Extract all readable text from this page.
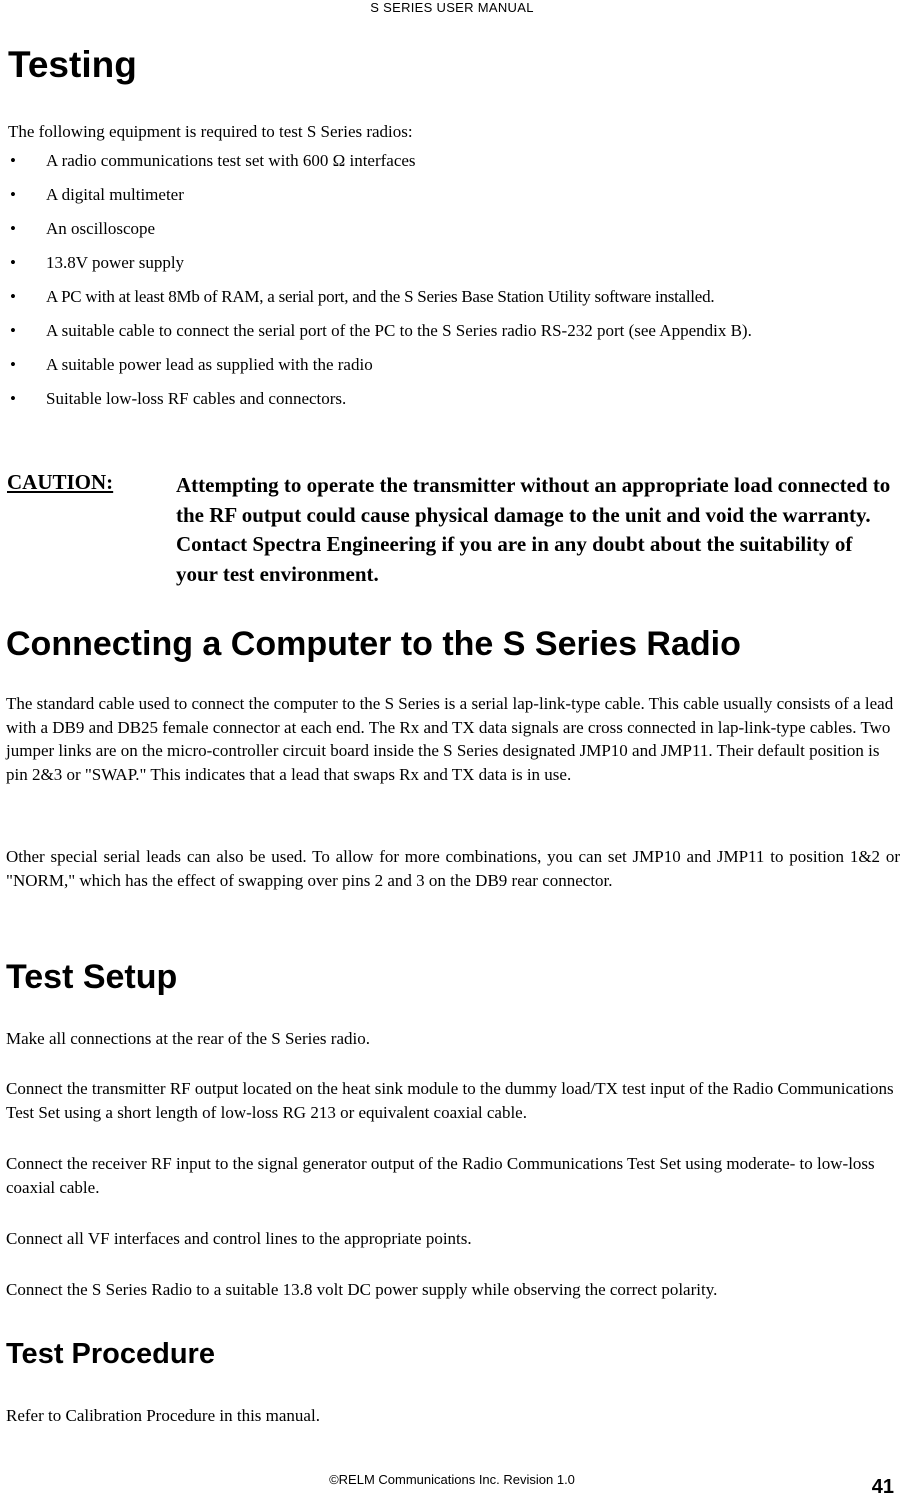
S SERIES USER MANUAL
Testing
The following equipment is required to test S Series radios:
• A radio communications test set with 600 Ω interfaces
• A digital multimeter
• An oscilloscope
• 13.8V power supply
• A PC with at least 8Mb of RAM, a serial port, and the S Series Base Station Utility software installed.
• A suitable cable to connect the serial port of the PC to the S Series radio RS-232 port (see Appendix B).
• A suitable power lead as supplied with the radio
• Suitable low-loss RF cables and connectors.
CAUTION:	Attempting to operate the transmitter without an appropriate load connected to the RF output could cause physical damage to the unit and void the warranty. Contact Spectra Engineering if you are in any doubt about the suitability of your test environment.
Connecting a Computer to the S Series Radio

The standard cable used to connect the computer to the S Series is a serial lap-link-type cable. This cable usually consists of a lead with a DB9 and DB25 female connector at each end. The Rx and TX data signals are cross connected in lap-link-type cables. Two jumper links are on the micro-controller circuit board inside the S Series designated JMP10 and JMP11. Their default position is pin 2&3 or "SWAP." This indicates that a lead that swaps Rx and TX data is in use.

Other special serial leads can also be used. To allow for more combinations, you can set JMP10 and JMP11 to position 1&2 or "NORM," which has the effect of swapping over pins 2 and 3 on the DB9 rear connector.

Test Setup

Make all connections at the rear of the S Series radio.

Connect the transmitter RF output located on the heat sink module to the dummy load/TX test input of the Radio Communications Test Set using a short length of low-loss RG 213 or equivalent coaxial cable.

Connect the receiver RF input to the signal generator output of the Radio Communications Test Set using moderate- to low-loss coaxial cable.

Connect all VF interfaces and control lines to the appropriate points.

Connect the S Series Radio to a suitable 13.8 volt DC power supply while observing the correct polarity.

Test Procedure

Refer to Calibration Procedure in this manual.

©RELM Communications Inc. Revision 1.0	41
